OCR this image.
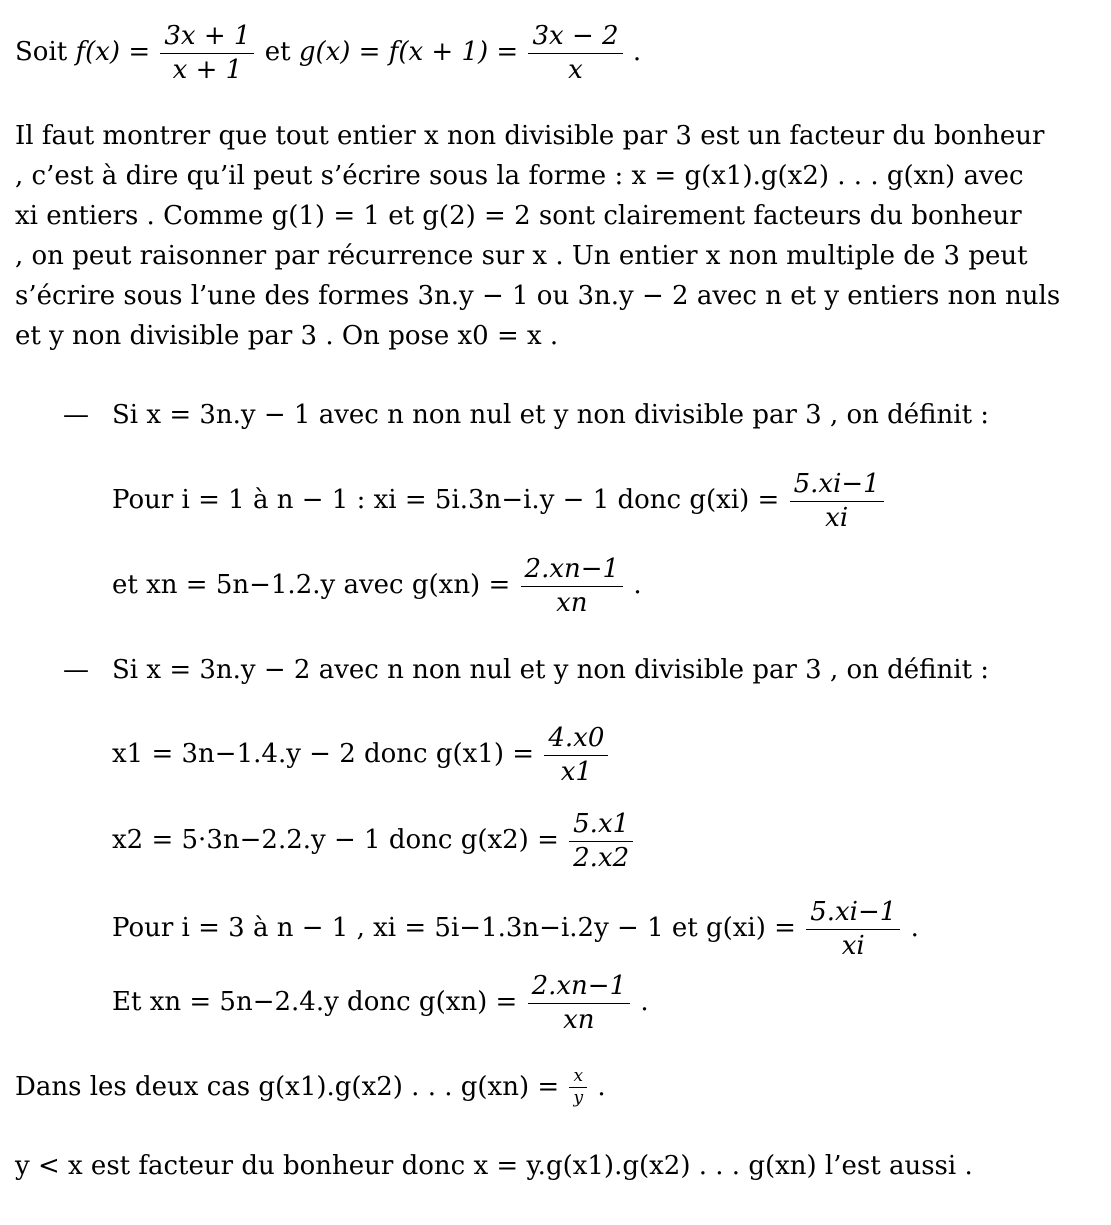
Soit $f(x) = \frac{3x + 1}{x + 1}$ et $g(x) = f(x + 1) = \frac{3x - 2}{x}$ .
Il faut montrer que tout entier x non divisible par 3 est un facteur du bonheur
, c’est à dire qu’il peut s’écrire sous la forme : x = g(x1).g(x2) . . . g(xn) avec
xi entiers . Comme g(1) = 1 et g(2) = 2 sont clairement facteurs du bonheur
, on peut raisonner par récurrence sur x . Un entier x non multiple de 3 peut
s’écrire sous l’une des formes 3n.y − 1 ou 3n.y − 2 avec n et y entiers non nuls
et y non divisible par 3 . On pose x0 = x .
— Si x = 3n.y − 1 avec n non nul et y non divisible par 3 , on définit :
Pour i = 1 à n − 1 : xi = 5i.3n−i.y − 1 donc $g(xi) = \frac{5.xi-1}{xi}$
et xn = 5n−1.2.y avec $g(xn) = \frac{2.xn-1}{xn}$ .
— Si x = 3n.y − 2 avec n non nul et y non divisible par 3 , on définit :
x1 = 3n−1.4.y − 2 donc $g(x1) = \frac{4.x0}{x1}$
x2 = 5·3n−2.2.y − 1 donc $g(x2) = \frac{5.x1}{2.x2}$
Pour i = 3 à n − 1 , xi = 5i−1.3n−i.2y − 1 et $g(xi) = \frac{5.xi-1}{xi}$ .
Et xn = 5n−2.4.y donc $g(xn) = \frac{2.xn-1}{xn}$ .
Dans les deux cas g(x1).g(x2) . . . $g(xn) = \frac{x}{y}$ .
y < x est facteur du bonheur donc x = y.g(x1).g(x2) . . . g(xn) l’est aussi .
